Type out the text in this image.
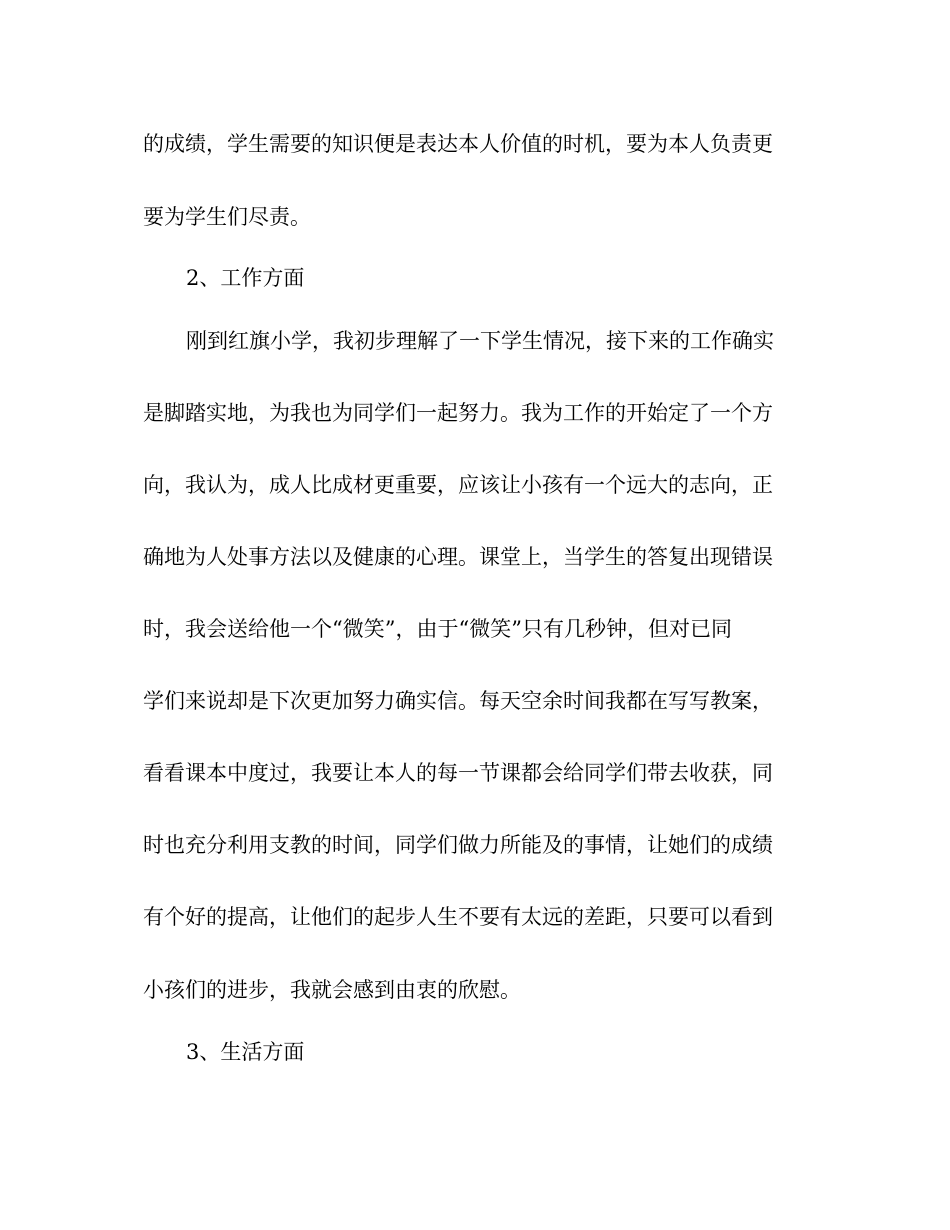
的成绩，学生需要的知识便是表达本人价值的时机，要为本人负责更
要为学生们尽责。
2、工作方面
刚到红旗小学，我初步理解了一下学生情况，接下来的工作确实
是脚踏实地，为我也为同学们一起努力。我为工作的开始定了一个方
向，我认为，成人比成材更重要，应该让小孩有一个远大的志向，正
确地为人处事方法以及健康的心理。课堂上，当学生的答复出现错误
时，我会送给他一个“微笑”，由于“微笑”只有几秒钟，但对已同
学们来说却是下次更加努力确实信。每天空余时间我都在写写教案，
看看课本中度过，我要让本人的每一节课都会给同学们带去收获，同
时也充分利用支教的时间，同学们做力所能及的事情，让她们的成绩
有个好的提高，让他们的起步人生不要有太远的差距，只要可以看到
小孩们的进步，我就会感到由衷的欣慰。
3、生活方面
